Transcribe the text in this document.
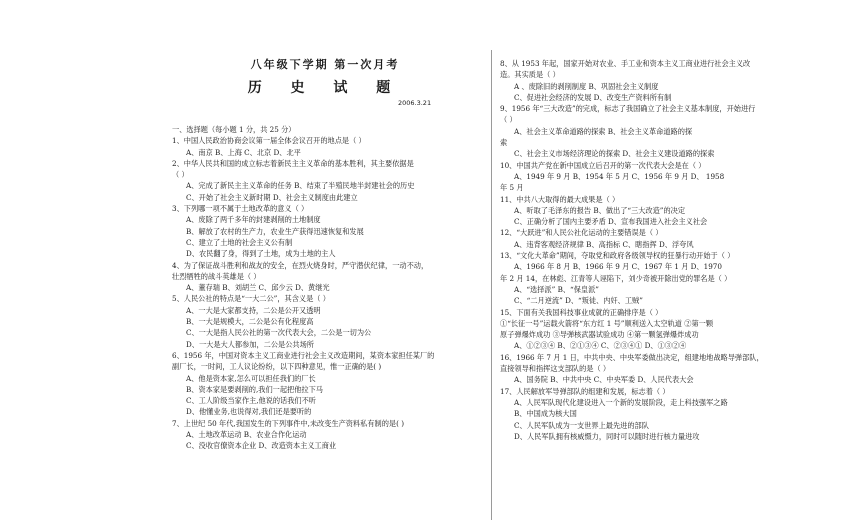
八年级下学期 第一次月考
历 史 试 题
2006.3.21
一、选择题（每小题 1 分，共 25 分）
1、中国人民政治协商会议第一届全体会议召开的地点是（ ）
A、南京 B、上海 C、北京 D、北平
2、中华人民共和国的成立标志着新民主主义革命的基本胜利，其主要依据是
（ ）
A、完成了新民主主义革命的任务 B、结束了半殖民地半封建社会的历史
C、开始了社会主义新时期 D、社会主义制度由此建立
3、下列哪一项不属于土地改革的意义（ ）
A、废除了两千多年的封建剥削的土地制度
B、解放了农村的生产力，农业生产获得迅速恢复和发展
C、建立了土地的社会主义公有制
D、农民翻了身，得到了土地，成为土地的主人
4、为了保证战斗胜利和战友的安全，在烈火烧身时，严守潜伏纪律，一动不动，
壮烈牺牲的战斗英雄是（ ）
A、董存瑞 B、刘胡兰 C、邱少云 D、黄继光
5、人民公社的特点是“一大二公”，其含义是（ ）
A、一大是大家都支持，二公是公开又透明
B、一大是规模大，二公是公有化程度高
C、一大是指人民公社的第一次代表大会，二公是一切为公
D、一大是大人都参加，二公是公共场所
6、1956 年，中国对资本主义工商业进行社会主义改造期间，某资本家担任某厂的
副厂长，一时间，工人议论纷纷，以下四种意见，惟一正确的是( )
A、他是资本家,怎么可以担任我们的厂长
B、资本家是要剥削的,我们一起把他拉下马
C、工人阶级当家作主,他说的话我们不听
D、他懂业务,也说得对,我们还是要听的
7、上世纪 50 年代,我国发生的下列事件中,未改变生产资料私有制的是( )
A、土地改革运动 B、农业合作化运动
C、没收官僚资本企业 D、改造资本主义工商业
8、从 1953 年起，国家开始对农业、手工业和资本主义工商业进行社会主义改
造。其实质是（ ）
A 、废除旧的剥削制度 B、巩固社会主义制度
C、促进社会经济的发展 D、改变生产资料所有制
9、1956 年“三大改造”的完成，标志了我国确立了社会主义基本制度，开始进行
（ ）
A、社会主义革命道路的探索 B、社会主义革命道路的探
索
C、社会主义市场经济理论的探索 D、社会主义建设道路的探索
10、中国共产党在新中国成立后召开的第一次代表大会是在（ ）
A、1949 年 9 月 B、1954 年 5 月 C、1956 年 9 月 D、 1958
年 5 月
11、中共八大取得的最大成果是（ ）
A、听取了毛泽东的报告 B、做出了“三大改造”的决定
C、正确分析了国内主要矛盾 D、宣布我国进入社会主义社会
12、“大跃进”和人民公社化运动的主要错误是（ ）
A、违背客观经济规律 B、高指标 C、瞎指挥 D、浮夸风
13、“文化大革命”期间，夺取党和政府各级领导权的狂暴行动开始于（ ）
A、1966 年 8 月 B、1966 年 9 月 C、1967 年 1 月 D、1970
年 2 月 14，在林彪、江青等人诬陷下，刘少奇被开除出党的罪名是（ ）
A、“选择派” B、“保皇派”
C、“二月逆流” D、“叛徒、内奸、工贼”
15、下面有关我国科技事业成就的正确排序是（ ）
①“长征一号”运载火箭将“东方红 1 号”顺利送入太空轨道 ②第一颗
原子弹爆炸成功 ③导弹核武器试验成功 ④第一颗氢弹爆炸成功
A、①②③④ B、②①③④ C、②③④① D、①③②④
16、1966 年 7 月 1 日，中共中央、中央军委做出决定，组建地地战略导弹部队，
直接领导和指挥这支部队的是（ ）
A、国务院 B、中共中央 C、中央军委 D、人民代表大会
17、人民解放军导弹部队的组建和发展，标志着（ ）
A、人民军队现代化建设进入一个新的发展阶段，走上科技强军之路
B、中国成为核大国
C、人民军队成为一支世界上最先进的部队
D、人民军队拥有核威慑力，同时可以随时进行核力量进攻
